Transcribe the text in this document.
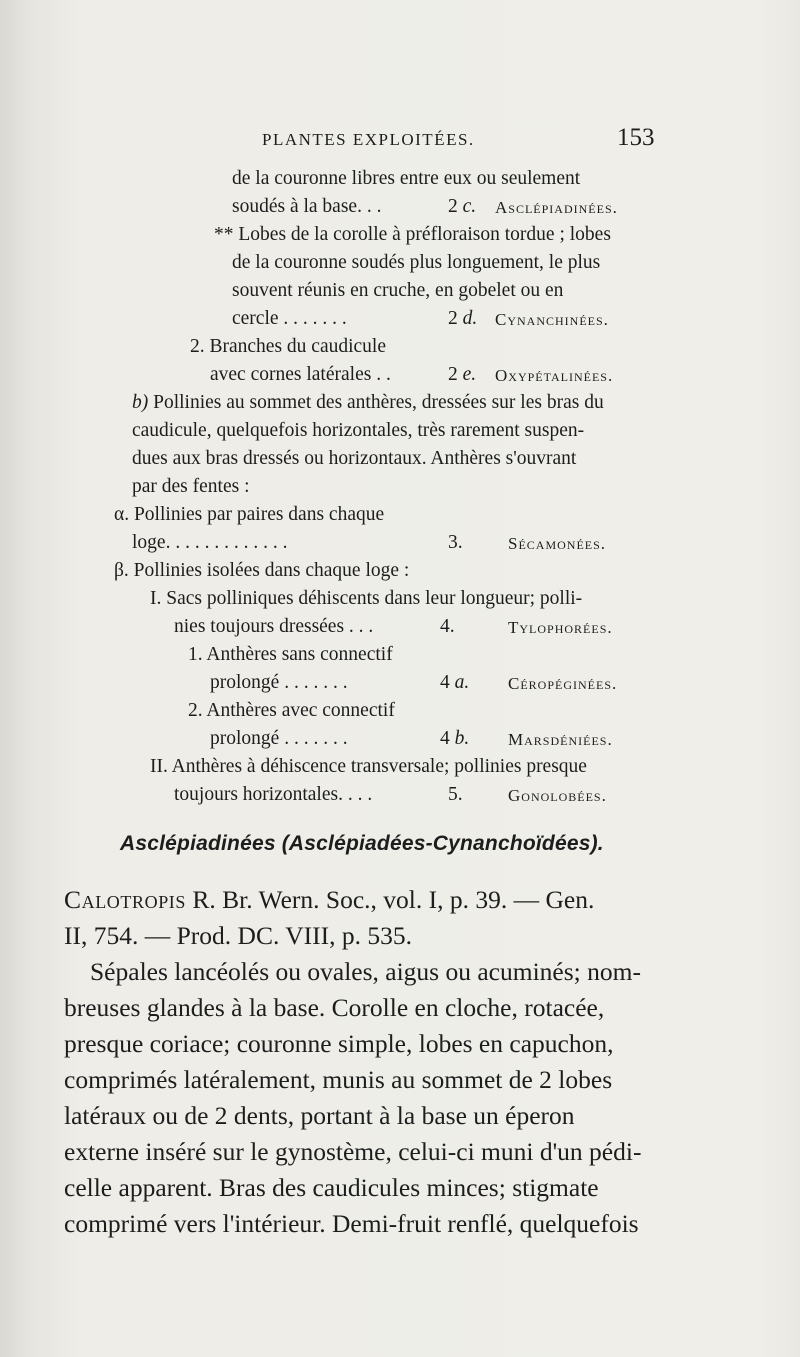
PLANTES EXPLOITÉES.	153
de la couronne libres entre eux ou seulement
soudés à la base. . .	2 c. Asclépiadinées.
** Lobes de la corolle à préfloraison tordue ; lobes
de la couronne soudés plus longuement, le plus
souvent réunis en cruche, en gobelet ou en
cercle . . . . . . .	2 d. Cynanchinées.
2. Branches du caudicule
avec cornes latérales . .	2 e. Oxypétalinées.
b) Pollinies au sommet des anthères, dressées sur les bras du
caudicule, quelquefois horizontales, très rarement suspen-
dues aux bras dressés ou horizontaux. Anthères s'ouvrant
par des fentes :
α. Pollinies par paires dans chaque
loge. . . . . . . . . . . . .	3.	Sécamonées.
β. Pollinies isolées dans chaque loge :
I. Sacs polliniques déhiscents dans leur longueur; polli-
nies toujours dressées . . .	4.	Tylophorées.
1. Anthères sans connectif
prolongé . . . . . . .	4 a. Céropéginées.
2. Anthères avec connectif
prolongé . . . . . . .	4 b. Marsdéniées.
II. Anthères à déhiscence transversale; pollinies presque
toujours horizontales. . . .	5.	Gonolobées.
Asclépiadinées (Asclépiadées-Cynanchoïdées).
Calotropis R. Br. Wern. Soc., vol. I, p. 39. — Gen.
II, 754. — Prod. DC. VIII, p. 535.
Sépales lancéolés ou ovales, aigus ou acuminés; nom-
breuses glandes à la base. Corolle en cloche, rotacée,
presque coriace; couronne simple, lobes en capuchon,
comprimés latéralement, munis au sommet de 2 lobes
latéraux ou de 2 dents, portant à la base un éperon
externe inséré sur le gynostème, celui-ci muni d'un pédi-
celle apparent. Bras des caudicules minces; stigmate
comprimé vers l'intérieur. Demi-fruit renflé, quelquefois
